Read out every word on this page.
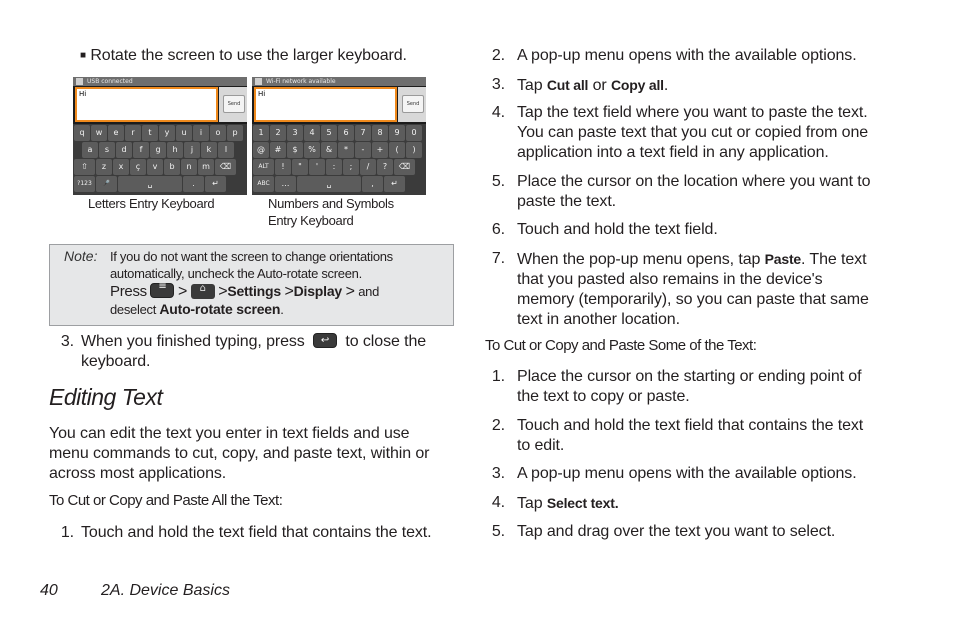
■ Rotate the screen to use the larger keyboard.
USB connected
Hi
Send
q	w	e	r	t	y	u	i	o	p
a	s	d	f	g	h	j	k	l
⇧	z	x	ç	v	b	n	m	⌫
?123	🎤	␣	.	↵
Wi-Fi network available
Hi
Send
1	2	3	4	5	6	7	8	9	0
@	#	$	%	&	*	-	+	(	)
ALT	!	"	'	:	;	/	?	⌫
ABC	…	␣	,	↵
Letters Entry Keyboard	Numbers and Symbols
Entry Keyboard
Note: If you do not want the screen to change orientations
automatically, uncheck the Auto-rotate screen.
Press ≡ > ⌂ >Settings >Display > and
deselect Auto-rotate screen.
3. When you finished typing, press ↩	to close the
keyboard.
Editing Text
You can edit the text you enter in text fields and use
menu commands to cut, copy, and paste text, within or
across most applications.
To Cut or Copy and Paste All the Text:
1. Touch and hold the text field that contains the text.
40	2A. Device Basics
2. A pop-up menu opens with the available options.
3. Tap Cut all or Copy all.
4. Tap the text field where you want to paste the text.
You can paste text that you cut or copied from one
application into a text field in any application.
5. Place the cursor on the location where you want to
paste the text.
6. Touch and hold the text field.
7. When the pop-up menu opens, tap Paste. The text
that you pasted also remains in the device's
memory (temporarily), so you can paste that same
text in another location.
To Cut or Copy and Paste Some of the Text:
1. Place the cursor on the starting or ending point of
the text to copy or paste.
2. Touch and hold the text field that contains the text
to edit.
3. A pop-up menu opens with the available options.
4. Tap Select text.
5. Tap and drag over the text you want to select.
